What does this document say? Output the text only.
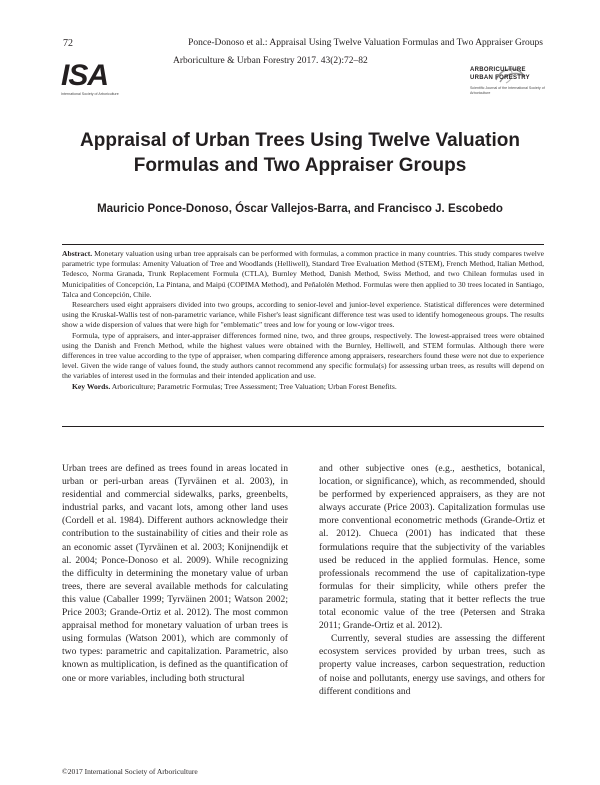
72	Ponce-Donoso et al.: Appraisal Using Twelve Valuation Formulas and Two Appraiser Groups
Arboriculture & Urban Forestry 2017. 43(2):72–82
ISA
International Society of Arboriculture
ARBORICULTURE
URBAN FORESTRY
Scientific Journal of the International Society of Arboriculture
Appraisal of Urban Trees Using Twelve Valuation Formulas and Two Appraiser Groups
Mauricio Ponce-Donoso, Óscar Vallejos-Barra, and Francisco J. Escobedo

Abstract. Monetary valuation using urban tree appraisals can be performed with formulas, a common practice in many countries. This study compares twelve parametric type formulas: Amenity Valuation of Tree and Woodlands (Helliwell), Standard Tree Evaluation Method (STEM), French Method, Italian Method, Tedesco, Norma Granada, Trunk Replacement Formula (CTLA), Burnley Method, Danish Method, Swiss Method, and two Chilean formulas used in Municipalities of Concepción, La Pintana, and Maipú (COPIMA Method), and Peñalolén Method. Formulas were then applied to 30 trees located in Santiago, Talca and Concepción, Chile.

Researchers used eight appraisers divided into two groups, according to senior-level and junior-level experience. Statistical differences were determined using the Kruskal-Wallis test of non-parametric variance, while Fisher's least significant difference test was used to identify homogeneous groups. The results show a wide dispersion of values that were high for "emblematic" trees and low for young or low-vigor trees.

Formula, type of appraisers, and inter-appraiser differences formed nine, two, and three groups, respectively. The lowest-appraised trees were obtained using the Danish and French Method, while the highest values were obtained with the Burnley, Helliwell, and STEM formulas. Although there were differences in tree value according to the type of appraiser, when comparing difference among appraisers, researchers found these were not due to experience level. Given the wide range of values found, the study authors cannot recommend any specific formula(s) for assessing urban trees, as results will depend on the variables of interest used in the formulas and their intended application and use.

Key Words. Arboriculture; Parametric Formulas; Tree Assessment; Tree Valuation; Urban Forest Benefits.

Urban trees are defined as trees found in areas located in urban or peri-urban areas (Tyrväinen et al. 2003), in residential and commercial sidewalks, parks, greenbelts, industrial parks, and vacant lots, among other land uses (Cordell et al. 1984). Different authors acknowledge their contribution to the sustainability of cities and their role as an economic asset (Tyrväinen et al. 2003; Konijnendijk et al. 2004; Ponce-Donoso et al. 2009). While recognizing the difficulty in determining the monetary value of urban trees, there are several available methods for calculating this value (Caballer 1999; Tyrväinen 2001; Watson 2002; Price 2003; Grande-Ortiz et al. 2012). The most common appraisal method for monetary valuation of urban trees is using formulas (Watson 2001), which are commonly of two types: parametric and capitalization. Parametric, also known as multiplication, is defined as the quantification of one or more variables, including both structural

and other subjective ones (e.g., aesthetics, botanical, location, or significance), which, as recommended, should be performed by experienced appraisers, as they are not always accurate (Price 2003). Capitalization formulas use more conventional econometric methods (Grande-Ortiz et al. 2012). Chueca (2001) has indicated that these formulations require that the subjectivity of the variables used be reduced in the applied formulas. Hence, some professionals recommend the use of capitalization-type formulas for their simplicity, while others prefer the parametric formula, stating that it better reflects the true total economic value of the tree (Petersen and Straka 2011; Grande-Ortiz et al. 2012).

Currently, several studies are assessing the different ecosystem services provided by urban trees, such as property value increases, carbon sequestration, reduction of noise and pollutants, energy use savings, and others for different conditions and

©2017 International Society of Arboriculture
